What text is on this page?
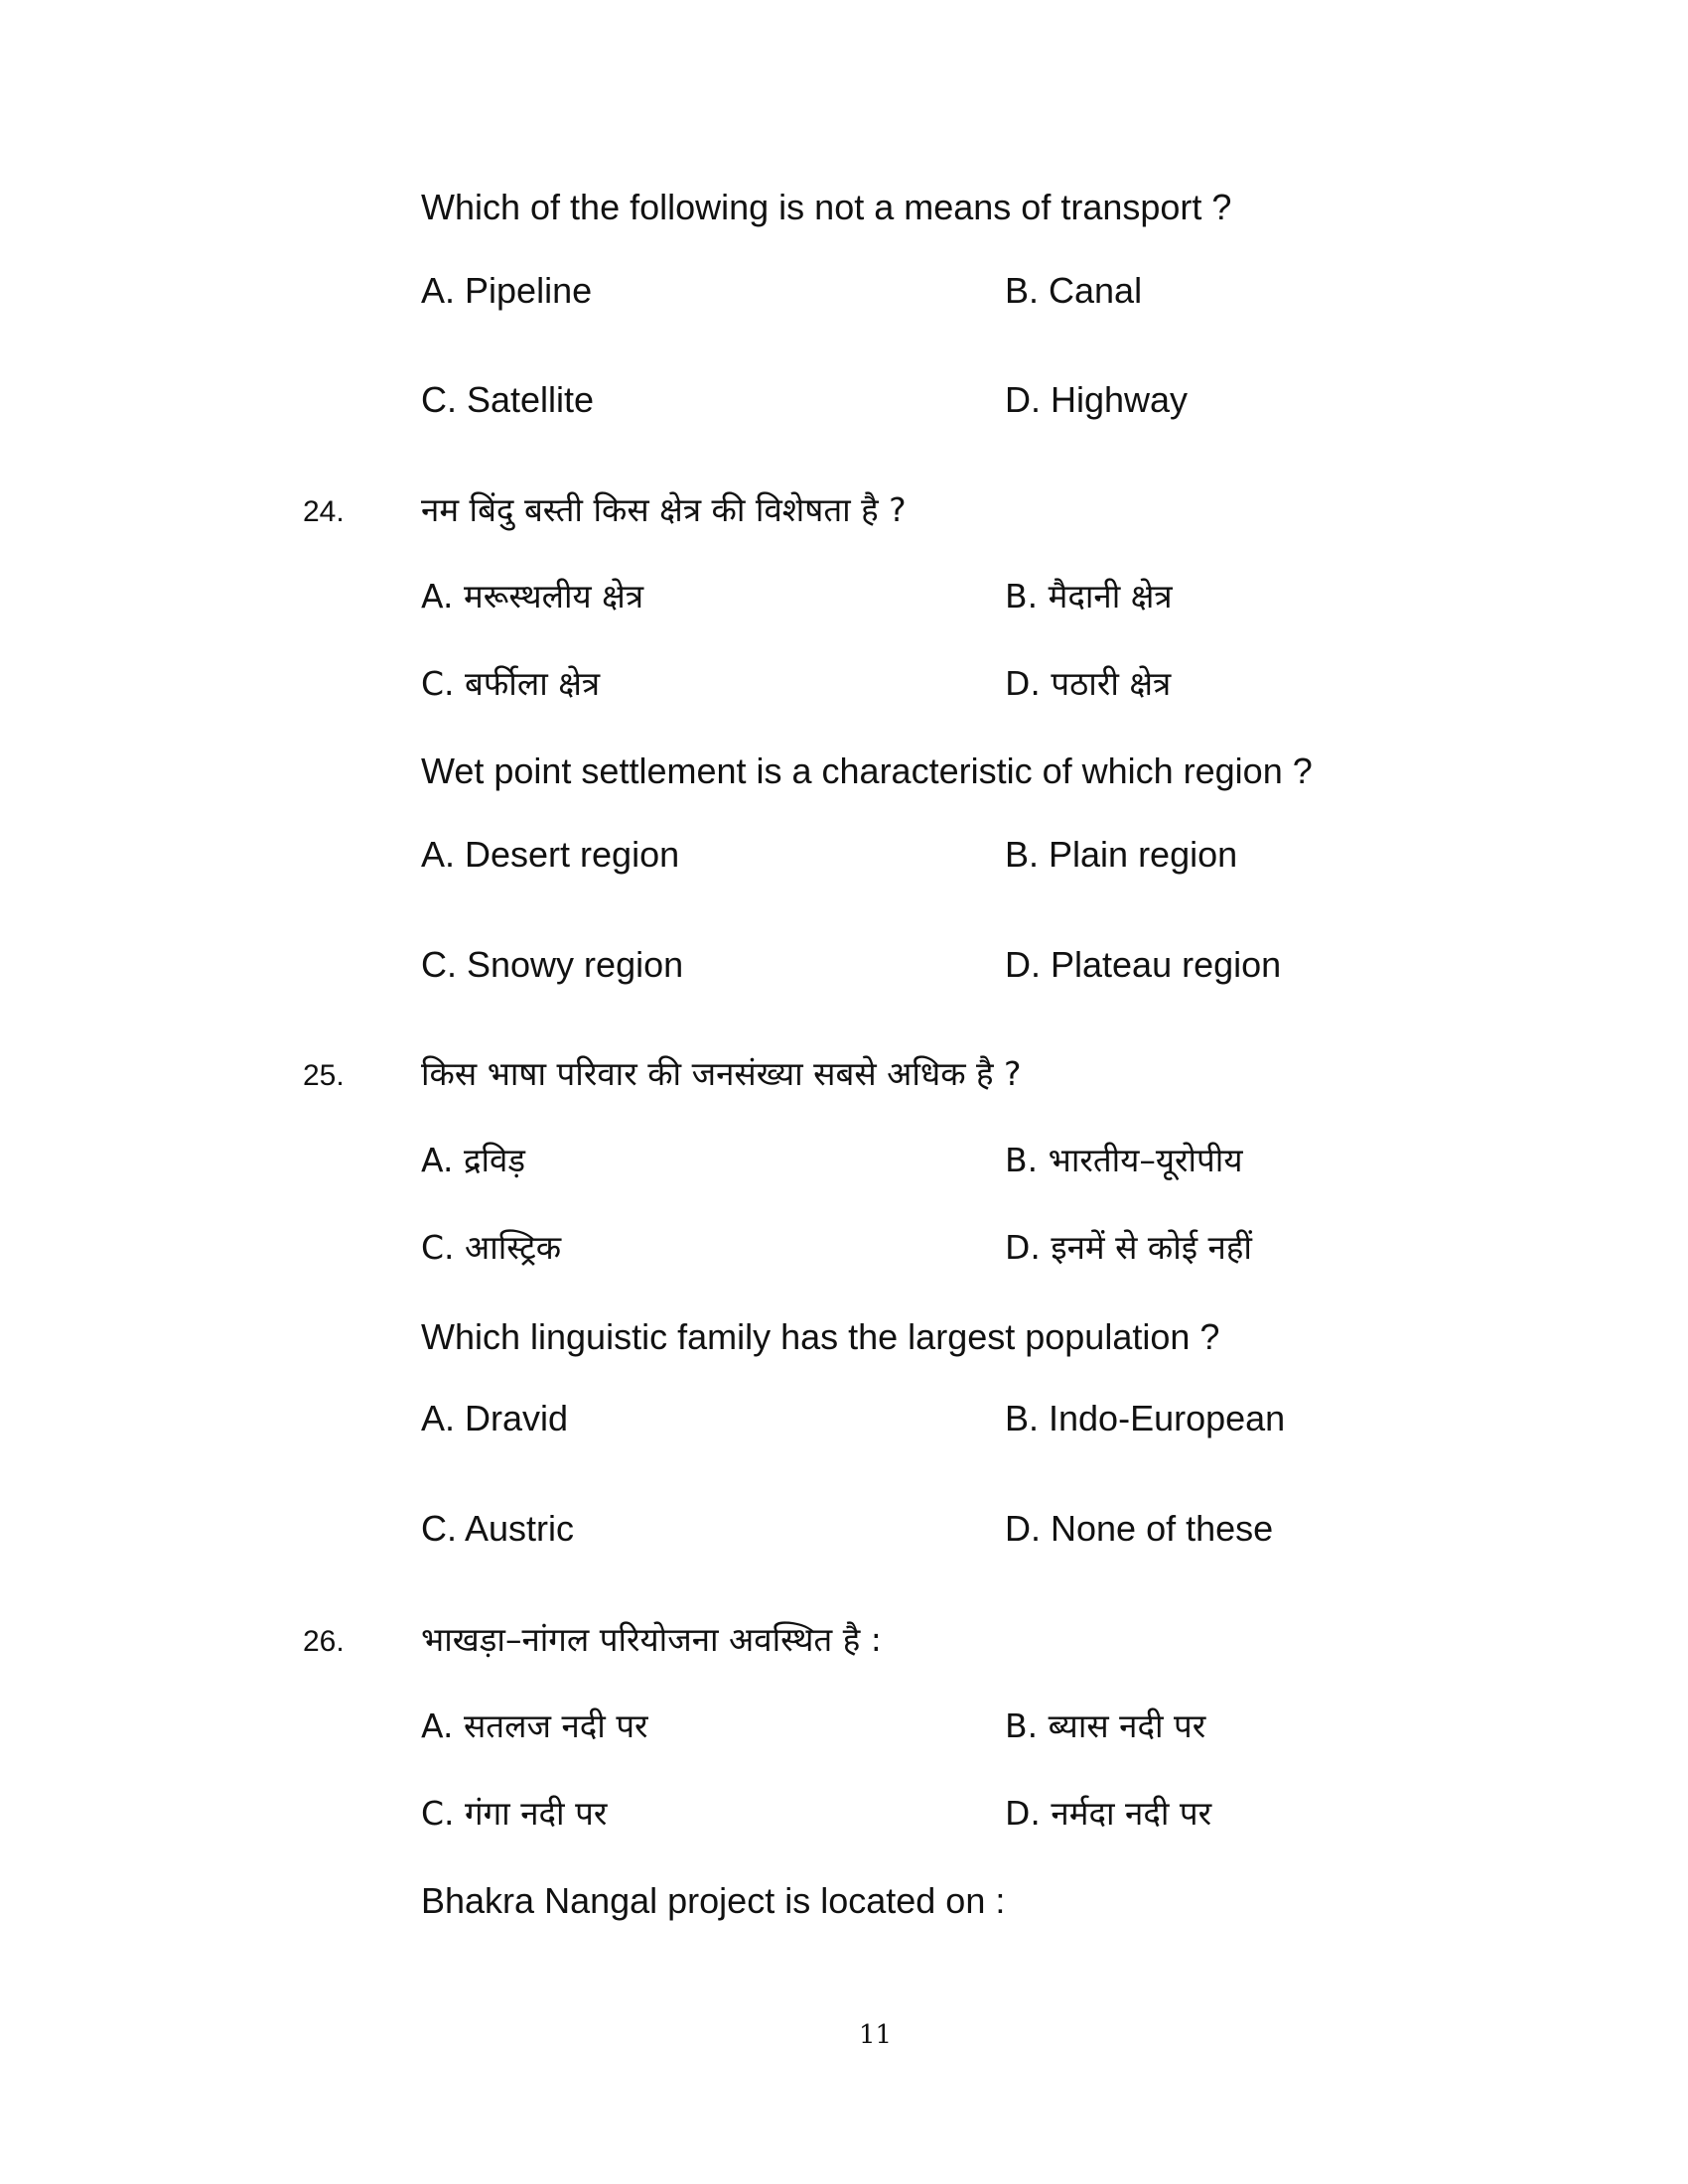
Which of the following is not a means of transport ?
A. Pipeline	B. Canal
C. Satellite	D. Highway
24. नम बिंदु बस्ती किस क्षेत्र की विशेषता है ?
A. मरूस्थलीय क्षेत्र	B. मैदानी क्षेत्र
C. बर्फीला क्षेत्र	D. पठारी क्षेत्र
Wet point settlement is a characteristic of which region ?
A. Desert region	B. Plain region
C. Snowy region	D. Plateau region
25. किस भाषा परिवार की जनसंख्या सबसे अधिक है ?
A. द्रविड़	B. भारतीय–यूरोपीय
C. आस्ट्रिक	D. इनमें से कोई नहीं
Which linguistic family has the largest population ?
A. Dravid	B. Indo-European
C. Austric	D. None of these
26. भाखड़ा–नांगल परियोजना अवस्थित है :
A. सतलज नदी पर	B. ब्यास नदी पर
C. गंगा नदी पर	D. नर्मदा नदी पर
Bhakra Nangal project is located on :
11
